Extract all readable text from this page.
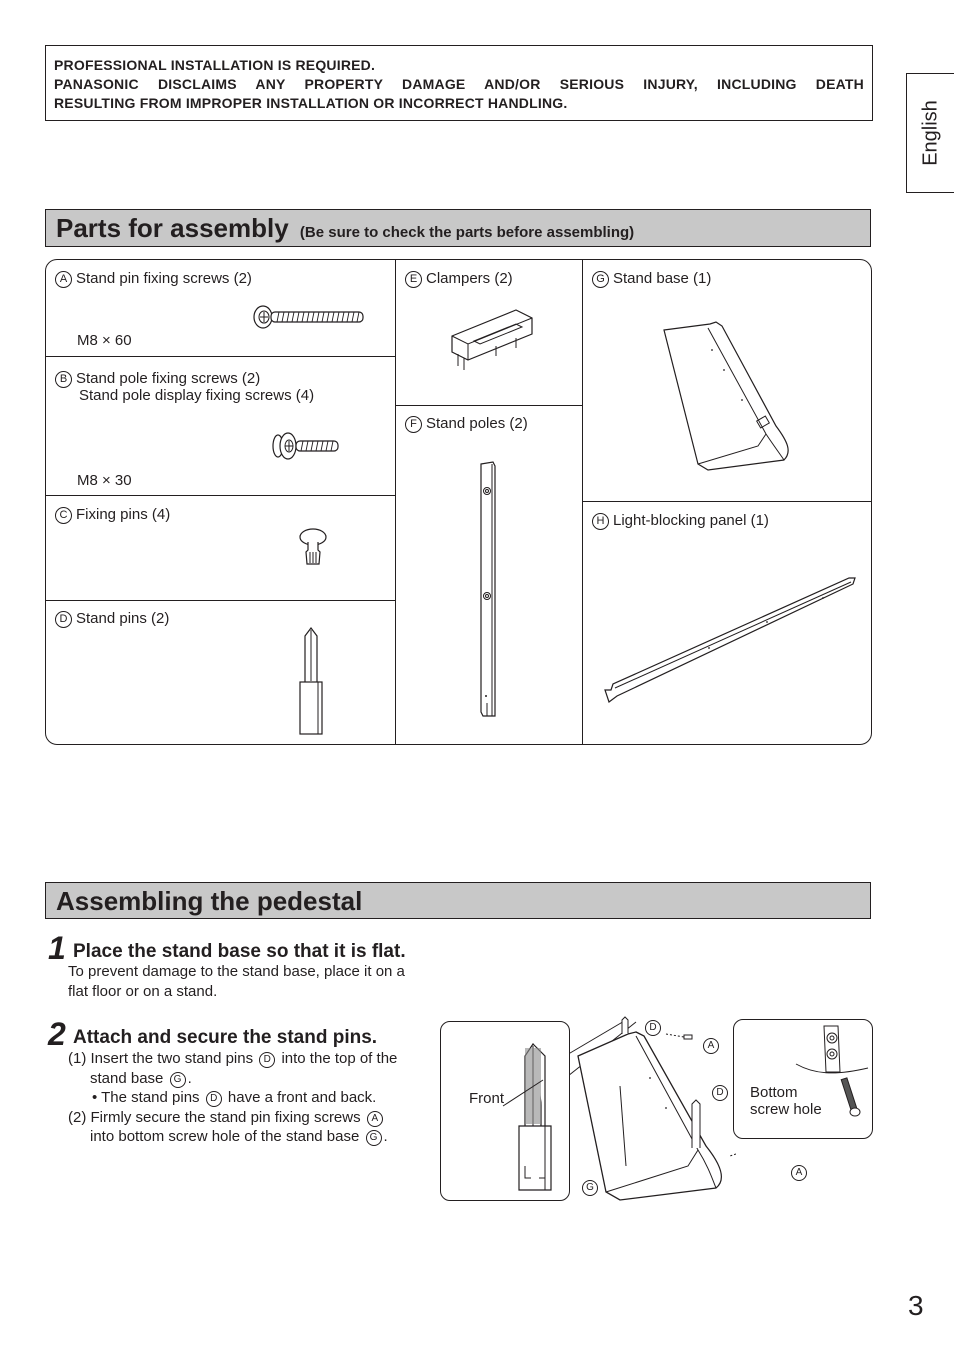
PROFESSIONAL INSTALLATION IS REQUIRED.
PANASONIC DISCLAIMS ANY PROPERTY DAMAGE AND/OR SERIOUS INJURY, INCLUDING DEATH
RESULTING FROM IMPROPER INSTALLATION OR INCORRECT HANDLING.	English
Parts for assembly (Be sure to check the parts before assembling)
A Stand pin fixing screws (2)
M8 × 60
B Stand pole fixing screws (2)
Stand pole display fixing screws (4)
M8 × 30
C Fixing pins (4)
D Stand pins (2)
E Clampers (2)
F Stand poles (2)
G Stand base (1)
H Light-blocking panel (1)
Assembling the pedestal
1 Place the stand base so that it is flat.
To prevent damage to the stand base, place it on a
flat floor or on a stand.
2 Attach and secure the stand pins.
(1) Insert the two stand pins D into the top of the
stand base G .
• The stand pins D have a front and back.
(2) Firmly secure the stand pin fixing screws A
into bottom screw hole of the stand base G .
Front	Bottom
screw hole
D
A
D
A
G
3
